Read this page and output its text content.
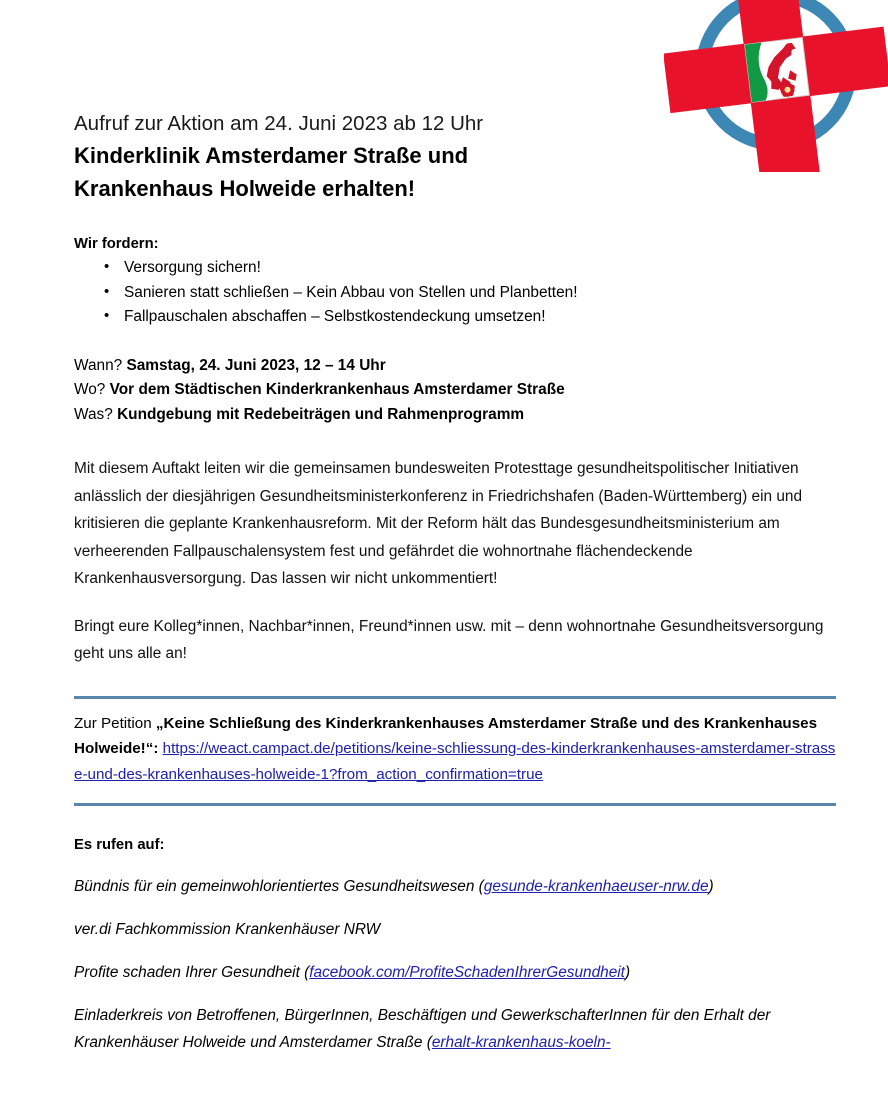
Aufruf zur Aktion am 24. Juni 2023 ab 12 Uhr
Kinderklinik Amsterdamer Straße und
Krankenhaus Holweide erhalten!
Wir fordern:
• Versorgung sichern!
• Sanieren statt schließen – Kein Abbau von Stellen und Planbetten!
• Fallpauschalen abschaffen – Selbstkostendeckung umsetzen!
Wann? Samstag, 24. Juni 2023, 12 – 14 Uhr
Wo? Vor dem Städtischen Kinderkrankenhaus Amsterdamer Straße
Was? Kundgebung mit Redebeiträgen und Rahmenprogramm

Mit diesem Auftakt leiten wir die gemeinsamen bundesweiten Protesttage gesundheitspolitischer Initiativen anlässlich der diesjährigen Gesundheitsministerkonferenz in Friedrichshafen (Baden-Württemberg) ein und kritisieren die geplante Krankenhausreform. Mit der Reform hält das Bundesgesundheitsministerium am verheerenden Fallpauschalensystem fest und gefährdet die wohnortnahe flächendeckende Krankenhausversorgung. Das lassen wir nicht unkommentiert!

Bringt eure Kolleg*innen, Nachbar*innen, Freund*innen usw. mit – denn wohnortnahe Gesundheitsversorgung geht uns alle an!

Zur Petition „Keine Schließung des Kinderkrankenhauses Amsterdamer Straße und des Krankenhauses Holweide!“: https://weact.campact.de/petitions/keine-schliessung-des-kinderkrankenhauses-amsterdamer-strasse-und-des-krankenhauses-holweide-1?from_action_confirmation=true
Es rufen auf:
Bündnis für ein gemeinwohlorientiertes Gesundheitswesen (gesunde-krankenhaeuser-nrw.de)
ver.di Fachkommission Krankenhäuser NRW
Profite schaden Ihrer Gesundheit (facebook.com/ProfiteSchadenIhrerGesundheit)
Einladerkreis von Betroffenen, BürgerInnen, Beschäftigen und GewerkschafterInnen für den Erhalt der Krankenhäuser Holweide und Amsterdamer Straße (erhalt-krankenhaus-koeln-
